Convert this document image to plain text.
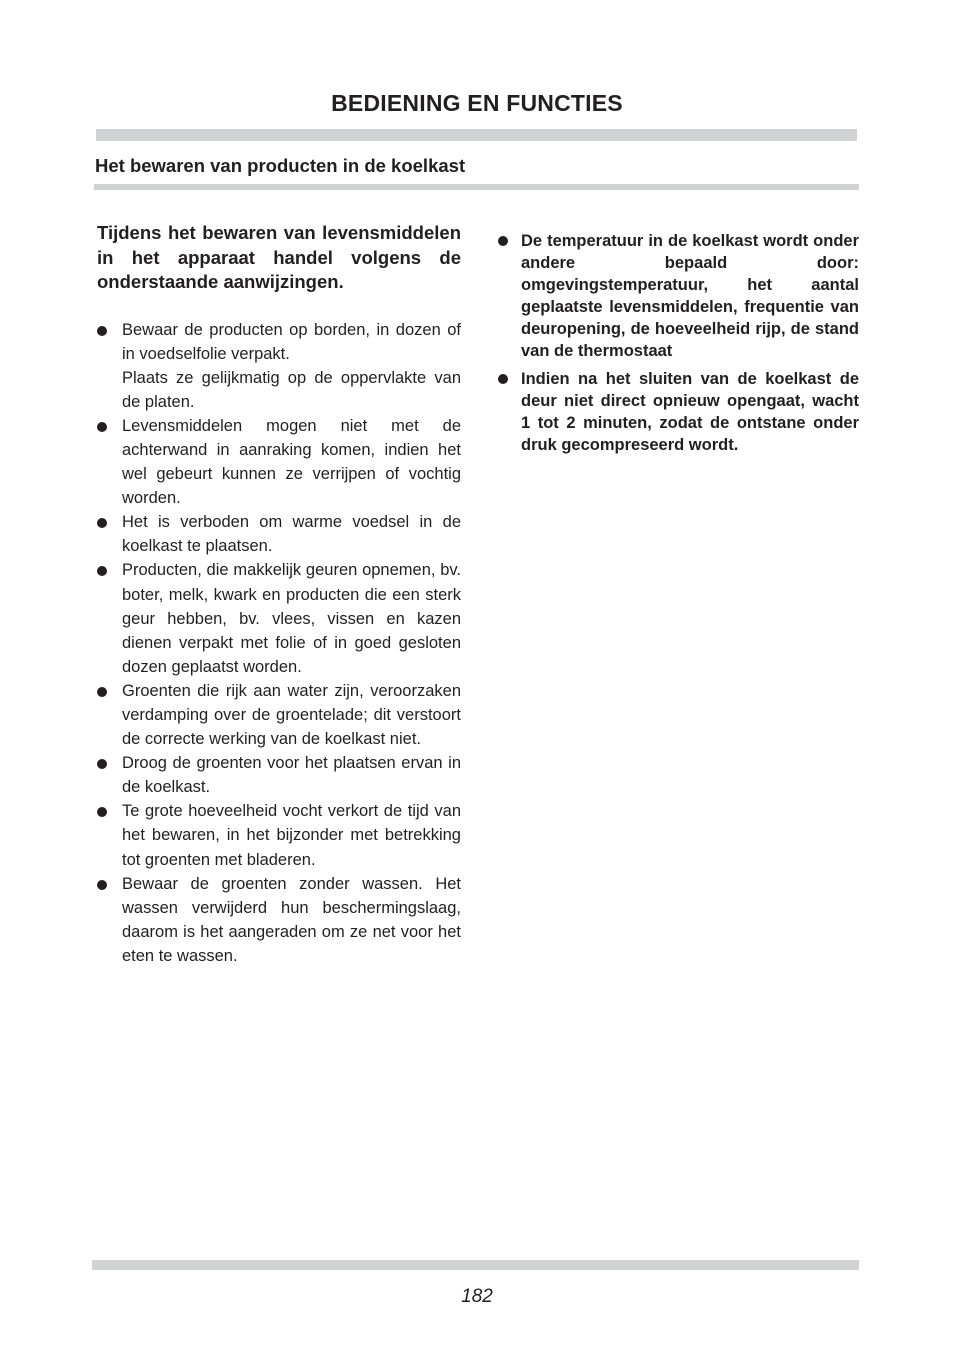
BEDIENING EN FUNCTIES
Het bewaren van producten in de koelkast

Tijdens het bewaren van levensmiddelen in het apparaat handel volgens de onderstaande aanwijzingen.

Bewaar de producten op borden, in dozen of in voedselfolie verpakt.
Plaats ze gelijkmatig op de oppervlakte van de platen.
Levensmiddelen mogen niet met de achterwand in aanraking komen, indien het wel gebeurt kunnen ze verrijpen of vochtig worden.
Het is verboden om warme voedsel in de koelkast te plaatsen.
Producten, die makkelijk geuren opnemen, bv. boter, melk, kwark en producten die een sterk geur hebben, bv. vlees, vissen en kazen dienen verpakt met folie of in goed gesloten dozen geplaatst worden.
Groenten die rijk aan water zijn, veroorzaken verdamping over de groentelade; dit verstoort de correcte werking van de koelkast niet.
Droog de groenten voor het plaatsen ervan in de koelkast.
Te grote hoeveelheid vocht verkort de tijd van het bewaren, in het bijzonder met betrekking tot groenten met bladeren.
Bewaar de groenten zonder wassen. Het wassen verwijderd hun beschermingslaag, daarom is het aangeraden om ze net voor het eten te wassen.
De temperatuur in de koelkast wordt onder andere bepaald door: omgevingstemperatuur, het aantal geplaatste levensmiddelen, frequentie van deuropening, de hoeveelheid rijp, de stand van de thermostaat
Indien na het sluiten van de koelkast de deur niet direct opnieuw opengaat, wacht 1 tot 2 minuten, zodat de ontstane onder druk gecompreseerd wordt.
182
